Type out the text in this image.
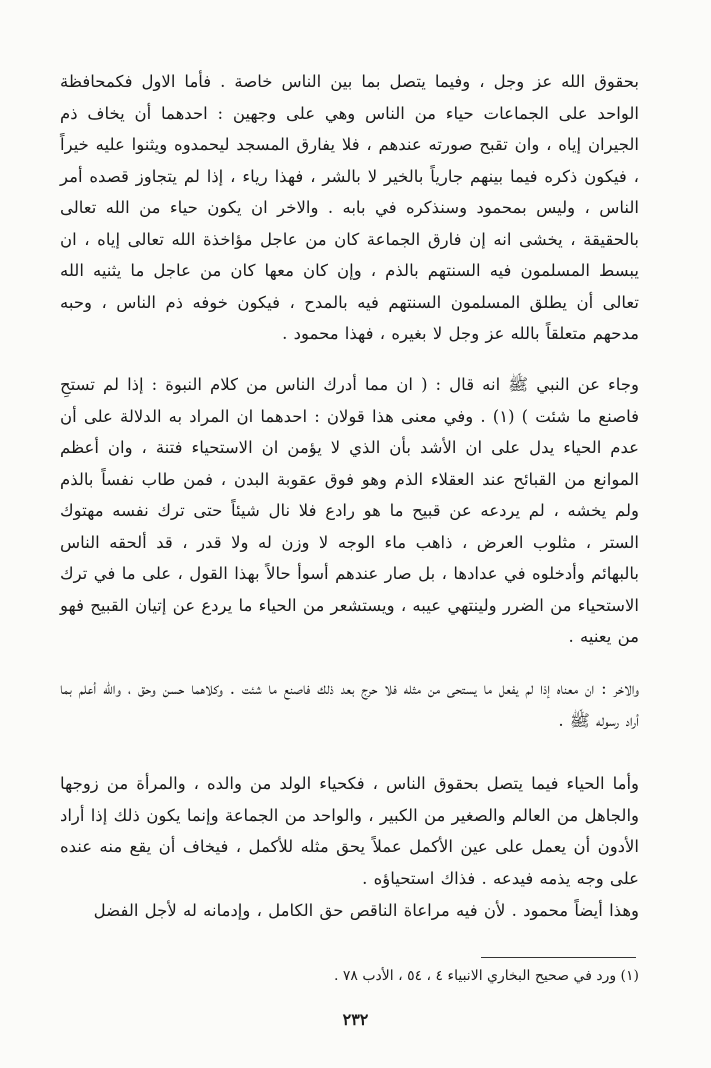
بحقوق الله عز وجل ، وفيما يتصل بما بين الناس خاصة . فأما الاول فكمحافظة الواحد على الجماعات حياء من الناس وهي على وجهين : احدهما أن يخاف ذم الجيران إياه ، وان تقبح صورته عندهم ، فلا يفارق المسجد ليحمدوه ويثنوا عليه خيراً ، فيكون ذكره فيما بينهم جارياً بالخير لا بالشر ، فهذا رياء ، إذا لم يتجاوز قصده أمر الناس ، وليس بمحمود وسنذكره في بابه . والاخر ان يكون حياء من الله تعالى بالحقيقة ، يخشى انه إن فارق الجماعة كان من عاجل مؤاخذة الله تعالى إياه ، ان يبسط المسلمون فيه السنتهم بالذم ، وإن كان معها كان من عاجل ما يثنيه الله تعالى أن يطلق المسلمون السنتهم فيه بالمدح ، فيكون خوفه ذم الناس ، وحبه مدحهم متعلقاً بالله عز وجل لا بغيره ، فهذا محمود .
وجاء عن النبي ﷺ انه قال : ( ان مما أدرك الناس من كلام النبوة : إذا لم تستحِ فاصنع ما شئت ) (١) . وفي معنى هذا قولان : احدهما ان المراد به الدلالة على أن عدم الحياء يدل على ان الأشد بأن الذي لا يؤمن ان الاستحياء فتنة ، وان أعظم الموانع من القبائح عند العقلاء الذم وهو فوق عقوبة البدن ، فمن طاب نفساً بالذم ولم يخشه ، لم يردعه عن قبيح ما هو رادع فلا نال شيئاً حتى ترك نفسه مهتوك الستر ، مثلوب العرض ، ذاهب ماء الوجه لا وزن له ولا قدر ، قد ألحقه الناس بالبهائم وأدخلوه في عدادها ، بل صار عندهم أسوأ حالاً بهذا القول ، على ما في ترك الاستحياء من الضرر ولينتهي عيبه ، ويستشعر من الحياء ما يردع عن إتيان القبيح فهو من يعنيه .
والاخر : ان معناه إذا لم يفعل ما يستحى من مثله فلا حرج بعد ذلك فاصنع ما شئت . وكلاهما حسن وحق ، والله أعلم بما أراد رسوله ﷺ .
وأما الحياء فيما يتصل بحقوق الناس ، فكحياء الولد من والده ، والمرأة من زوجها والجاهل من العالم والصغير من الكبير ، والواحد من الجماعة وإنما يكون ذلك إذا أراد الأدون أن يعمل على عين الأكمل عملاً يحق مثله للأكمل ، فيخاف أن يقع منه عنده على وجه يذمه فيدعه . فذاك استحياؤه .
وهذا أيضاً محمود . لأن فيه مراعاة الناقص حق الكامل ، وإدمانه له لأجل الفضل
(١) ورد في صحيح البخاري الانبياء ٤ ، ٥٤ ، الأدب ٧٨ .
٢٣٢
